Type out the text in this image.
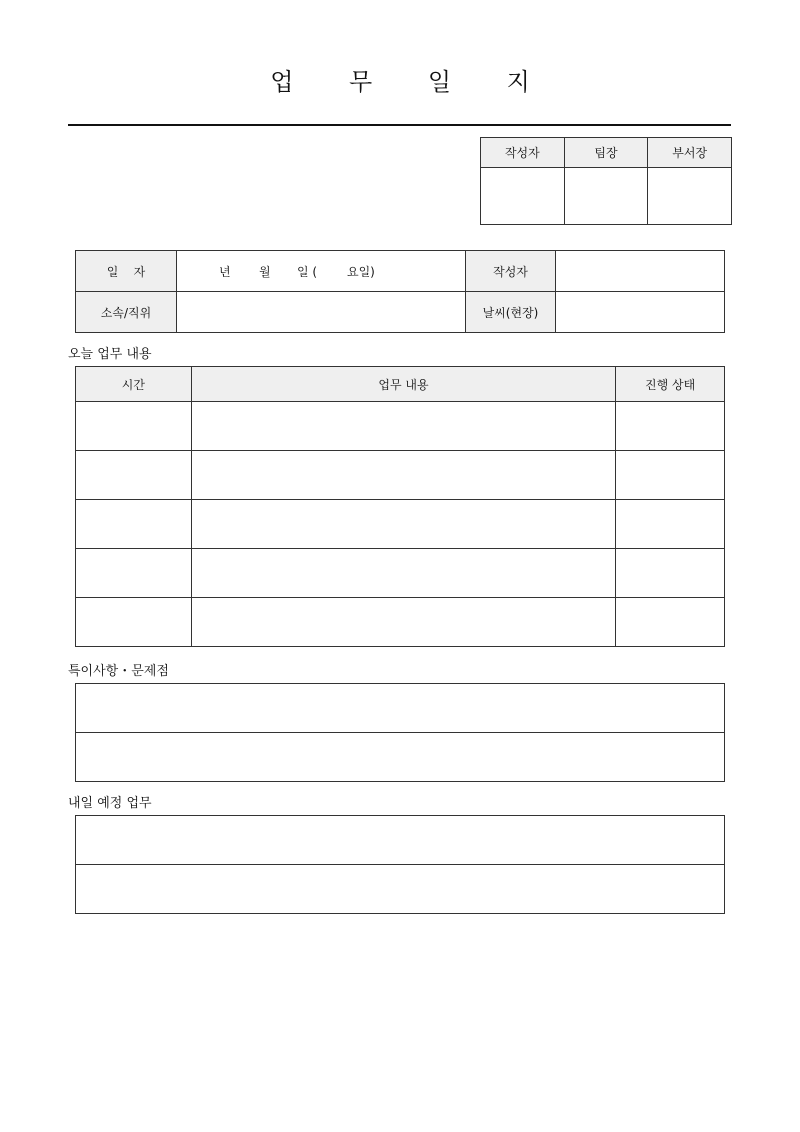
업 무 일 지
작성자	팀장	부서장

일    자	년 월 일 ( 요일)	작성자	
소속/직위		날씨(현장)	
오늘 업무 내용
시간	업무 내용	진행 상태

특이사항・문제점

내일 예정 업무
